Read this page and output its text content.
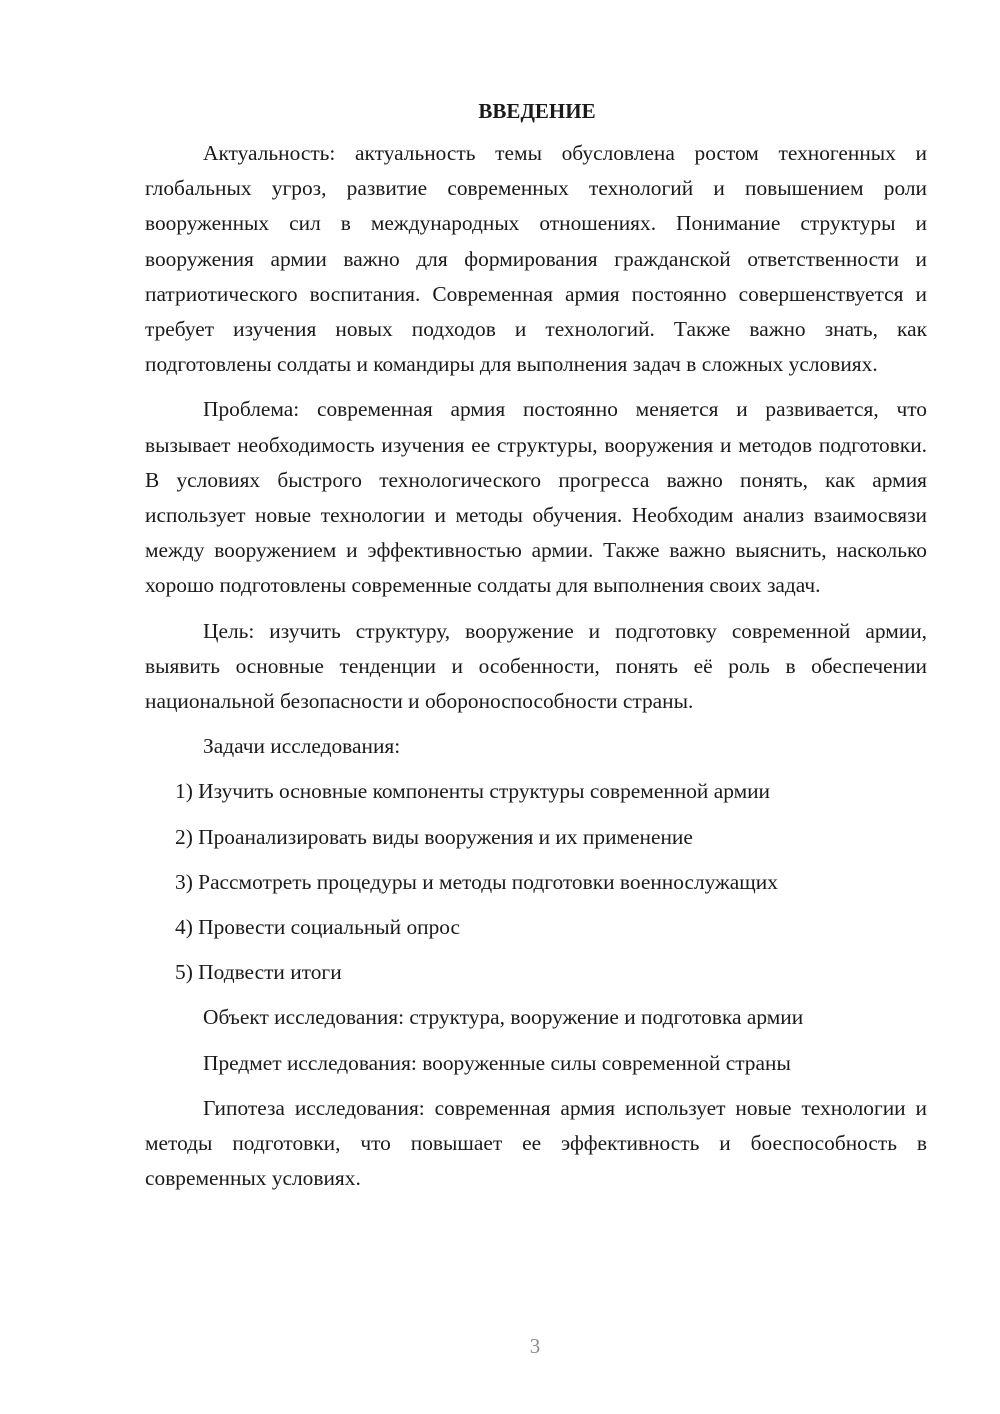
ВВЕДЕНИЕ

Актуальность: актуальность темы обусловлена ростом техногенных и глобальных угроз, развитие современных технологий и повышением роли вооруженных сил в международных отношениях. Понимание структуры и вооружения армии важно для формирования гражданской ответственности и патриотического воспитания. Современная армия постоянно совершенствуется и требует изучения новых подходов и технологий. Также важно знать, как подготовлены солдаты и командиры для выполнения задач в сложных условиях.

Проблема: современная армия постоянно меняется и развивается, что вызывает необходимость изучения ее структуры, вооружения и методов подготовки. В условиях быстрого технологического прогресса важно понять, как армия использует новые технологии и методы обучения. Необходим анализ взаимосвязи между вооружением и эффективностью армии. Также важно выяснить, насколько хорошо подготовлены современные солдаты для выполнения своих задач.

Цель: изучить структуру, вооружение и подготовку современной армии, выявить основные тенденции и особенности, понять её роль в обеспечении национальной безопасности и обороноспособности страны.

Задачи исследования:

1) Изучить основные компоненты структуры современной армии

2) Проанализировать виды вооружения и их применение

3) Рассмотреть процедуры и методы подготовки военнослужащих

4) Провести социальный опрос

5) Подвести итоги

Объект исследования: структура, вооружение и подготовка армии

Предмет исследования: вооруженные силы современной страны

Гипотеза исследования: современная армия использует новые технологии и методы подготовки, что повышает ее эффективность и боеспособность в современных условиях.

3
